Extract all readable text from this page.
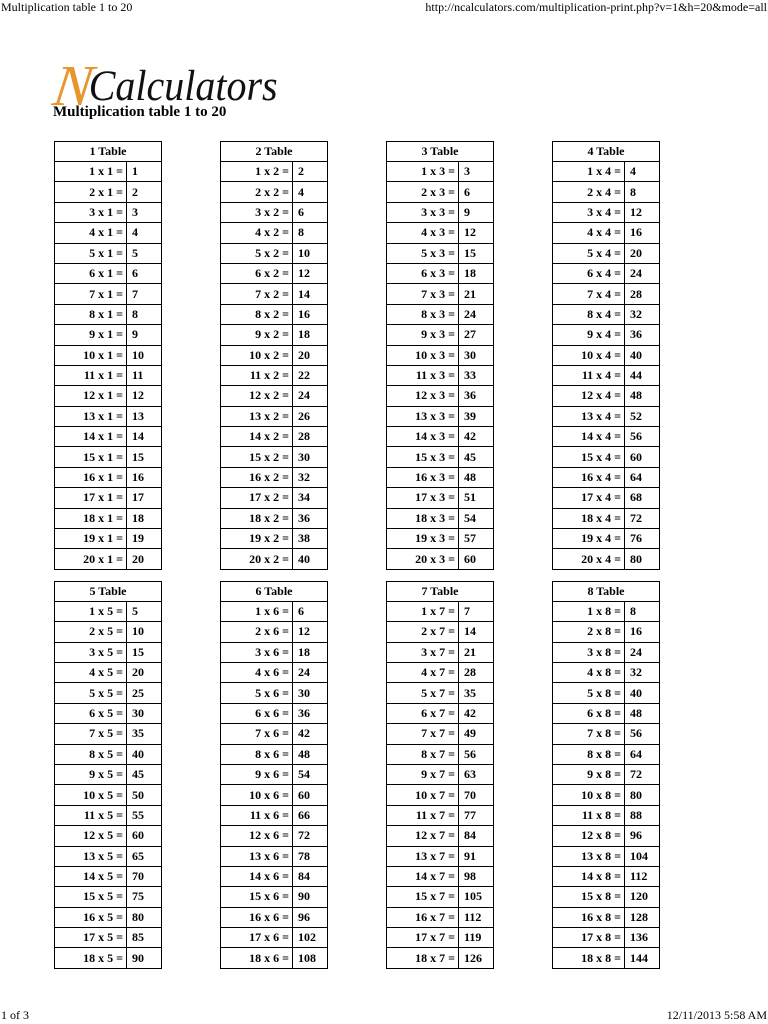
Multiplication table 1 to 20	http://ncalculators.com/multiplication-print.php?v=1&h=20&mode=all
NCalculators
Multiplication table 1 to 20
1 Table	
1 x 1 =	1
2 x 1 =	2
3 x 1 =	3
4 x 1 =	4
5 x 1 =	5
6 x 1 =	6
7 x 1 =	7
8 x 1 =	8
9 x 1 =	9
10 x 1 =	10
11 x 1 =	11
12 x 1 =	12
13 x 1 =	13
14 x 1 =	14
15 x 1 =	15
16 x 1 =	16
17 x 1 =	17
18 x 1 =	18
19 x 1 =	19
20 x 1 =	20
2 Table	
1 x 2 =	2
2 x 2 =	4
3 x 2 =	6
4 x 2 =	8
5 x 2 =	10
6 x 2 =	12
7 x 2 =	14
8 x 2 =	16
9 x 2 =	18
10 x 2 =	20
11 x 2 =	22
12 x 2 =	24
13 x 2 =	26
14 x 2 =	28
15 x 2 =	30
16 x 2 =	32
17 x 2 =	34
18 x 2 =	36
19 x 2 =	38
20 x 2 =	40
3 Table	
1 x 3 =	3
2 x 3 =	6
3 x 3 =	9
4 x 3 =	12
5 x 3 =	15
6 x 3 =	18
7 x 3 =	21
8 x 3 =	24
9 x 3 =	27
10 x 3 =	30
11 x 3 =	33
12 x 3 =	36
13 x 3 =	39
14 x 3 =	42
15 x 3 =	45
16 x 3 =	48
17 x 3 =	51
18 x 3 =	54
19 x 3 =	57
20 x 3 =	60
4 Table	
1 x 4 =	4
2 x 4 =	8
3 x 4 =	12
4 x 4 =	16
5 x 4 =	20
6 x 4 =	24
7 x 4 =	28
8 x 4 =	32
9 x 4 =	36
10 x 4 =	40
11 x 4 =	44
12 x 4 =	48
13 x 4 =	52
14 x 4 =	56
15 x 4 =	60
16 x 4 =	64
17 x 4 =	68
18 x 4 =	72
19 x 4 =	76
20 x 4 =	80
5 Table	
1 x 5 =	5
2 x 5 =	10
3 x 5 =	15
4 x 5 =	20
5 x 5 =	25
6 x 5 =	30
7 x 5 =	35
8 x 5 =	40
9 x 5 =	45
10 x 5 =	50
11 x 5 =	55
12 x 5 =	60
13 x 5 =	65
14 x 5 =	70
15 x 5 =	75
16 x 5 =	80
17 x 5 =	85
18 x 5 =	90
6 Table	
1 x 6 =	6
2 x 6 =	12
3 x 6 =	18
4 x 6 =	24
5 x 6 =	30
6 x 6 =	36
7 x 6 =	42
8 x 6 =	48
9 x 6 =	54
10 x 6 =	60
11 x 6 =	66
12 x 6 =	72
13 x 6 =	78
14 x 6 =	84
15 x 6 =	90
16 x 6 =	96
17 x 6 =	102
18 x 6 =	108
7 Table	
1 x 7 =	7
2 x 7 =	14
3 x 7 =	21
4 x 7 =	28
5 x 7 =	35
6 x 7 =	42
7 x 7 =	49
8 x 7 =	56
9 x 7 =	63
10 x 7 =	70
11 x 7 =	77
12 x 7 =	84
13 x 7 =	91
14 x 7 =	98
15 x 7 =	105
16 x 7 =	112
17 x 7 =	119
18 x 7 =	126
8 Table	
1 x 8 =	8
2 x 8 =	16
3 x 8 =	24
4 x 8 =	32
5 x 8 =	40
6 x 8 =	48
7 x 8 =	56
8 x 8 =	64
9 x 8 =	72
10 x 8 =	80
11 x 8 =	88
12 x 8 =	96
13 x 8 =	104
14 x 8 =	112
15 x 8 =	120
16 x 8 =	128
17 x 8 =	136
18 x 8 =	144
1 of 3	12/11/2013 5:58 AM
